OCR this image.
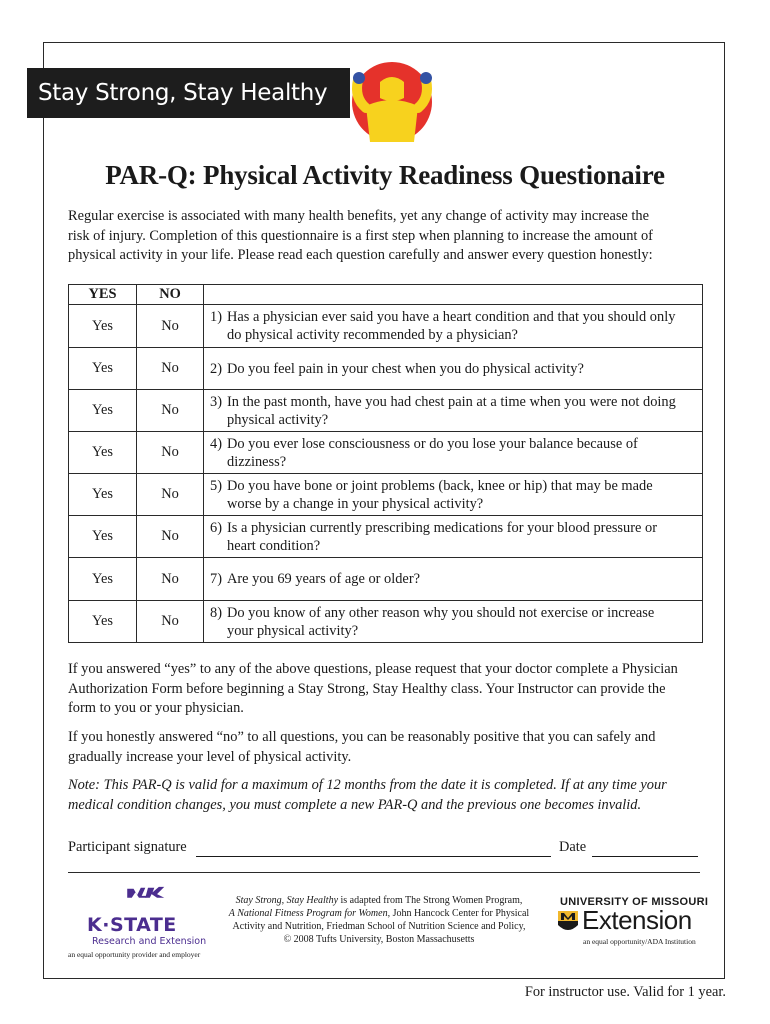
Stay Strong, Stay Healthy
PAR-Q: Physical Activity Readiness Questionaire
Regular exercise is associated with many health benefits, yet any change of activity may increase the
risk of injury. Completion of this questionnaire is a first step when planning to increase the amount of
physical activity in your life. Please read each question carefully and answer every question honestly:
YES	NO	
Yes	No	1) Has a physician ever said you have a heart condition and that you should only
do physical activity recommended by a physician?

Yes	No	2) Do you feel pain in your chest when you do physical activity?

Yes	No	3) In the past month, have you had chest pain at a time when you were not doing
physical activity?

Yes	No	4) Do you ever lose consciousness or do you lose your balance because of
dizziness?

Yes	No	5) Do you have bone or joint problems (back, knee or hip) that may be made
worse by a change in your physical activity?

Yes	No	6) Is a physician currently prescribing medications for your blood pressure or
heart condition?

Yes	No	7) Are you 69 years of age or older?

Yes	No	8) Do you know of any other reason why you should not exercise or increase
your physical activity?
If you answered “yes” to any of the above questions, please request that your doctor complete a Physician
Authorization Form before beginning a Stay Strong, Stay Healthy class. Your Instructor can provide the
form to you or your physician.
If you honestly answered “no” to all questions, you can be reasonably positive that you can safely and
gradually increase your level of physical activity.
Note: This PAR-Q is valid for a maximum of 12 months from the date it is completed. If at any time your
medical condition changes, you must complete a new PAR-Q and the previous one becomes invalid.
Participant signature	Date
K·STATE
Research and Extension
an equal opportunity provider and employer
Stay Strong, Stay Healthy is adapted from The Strong Women Program,
A National Fitness Program for Women, John Hancock Center for Physical
Activity and Nutrition, Friedman School of Nutrition Science and Policy,
© 2008 Tufts University, Boston Massachusetts
UNIVERSITY OF MISSOURI
Extension
an equal opportunity/ADA Institution
For instructor use. Valid for 1 year.
